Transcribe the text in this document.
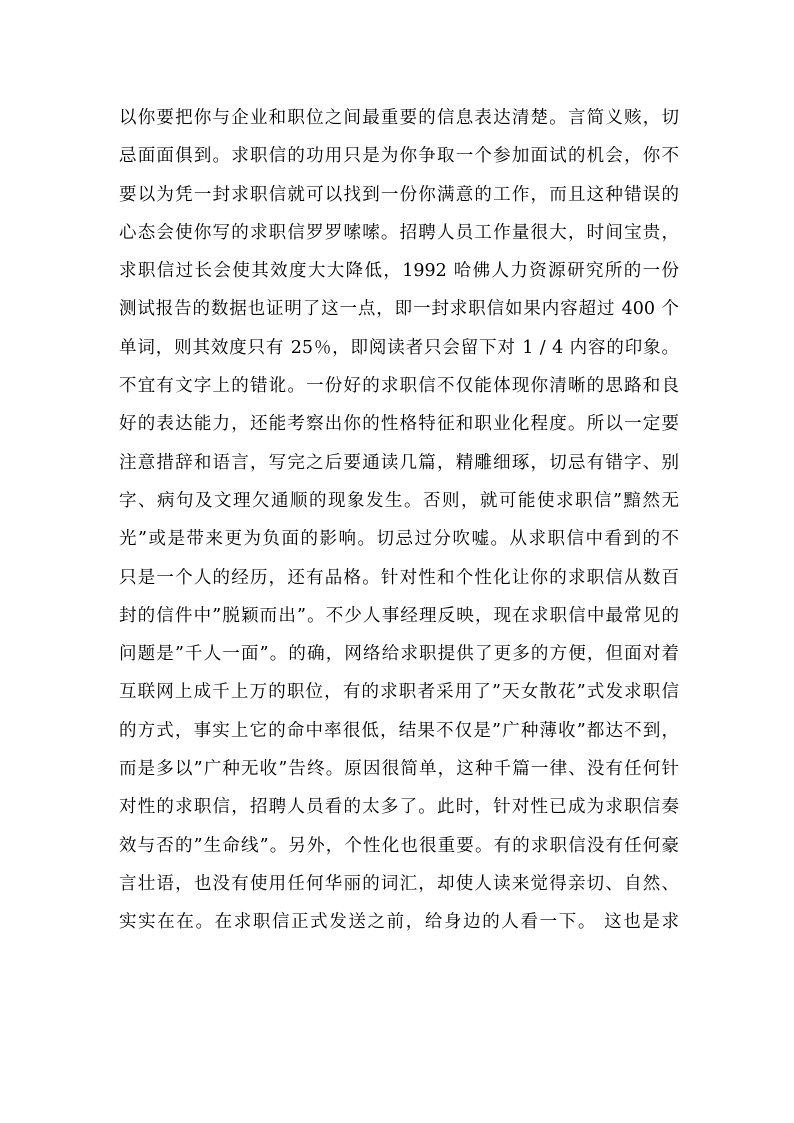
以你要把你与企业和职位之间最重要的信息表达清楚。言简义赅，切
忌面面俱到。求职信的功用只是为你争取一个参加面试的机会，你不
要以为凭一封求职信就可以找到一份你满意的工作，而且这种错误的
心态会使你写的求职信罗罗嗦嗦。招聘人员工作量很大，时间宝贵，
求职信过长会使其效度大大降低，1992 哈佛人力资源研究所的一份
测试报告的数据也证明了这一点，即一封求职信如果内容超过 400 个
单词，则其效度只有 25％，即阅读者只会留下对 1 / 4 内容的印象。
不宜有文字上的错讹。一份好的求职信不仅能体现你清晰的思路和良
好的表达能力，还能考察出你的性格特征和职业化程度。所以一定要
注意措辞和语言，写完之后要通读几篇，精雕细琢，切忌有错字、别
字、病句及文理欠通顺的现象发生。否则，就可能使求职信”黯然无
光”或是带来更为负面的影响。切忌过分吹嘘。从求职信中看到的不
只是一个人的经历，还有品格。针对性和个性化让你的求职信从数百
封的信件中”脱颖而出”。不少人事经理反映，现在求职信中最常见的
问题是”千人一面”。的确，网络给求职提供了更多的方便，但面对着
互联网上成千上万的职位，有的求职者采用了”天女散花”式发求职信
的方式，事实上它的命中率很低，结果不仅是”广种薄收”都达不到，
而是多以”广种无收”告终。原因很简单，这种千篇一律、没有任何针
对性的求职信，招聘人员看的太多了。此时，针对性已成为求职信奏
效与否的”生命线”。另外，个性化也很重要。有的求职信没有任何豪
言壮语，也没有使用任何华丽的词汇，却使人读来觉得亲切、自然、
实实在在。在求职信正式发送之前，给身边的人看一下。 这也是求
